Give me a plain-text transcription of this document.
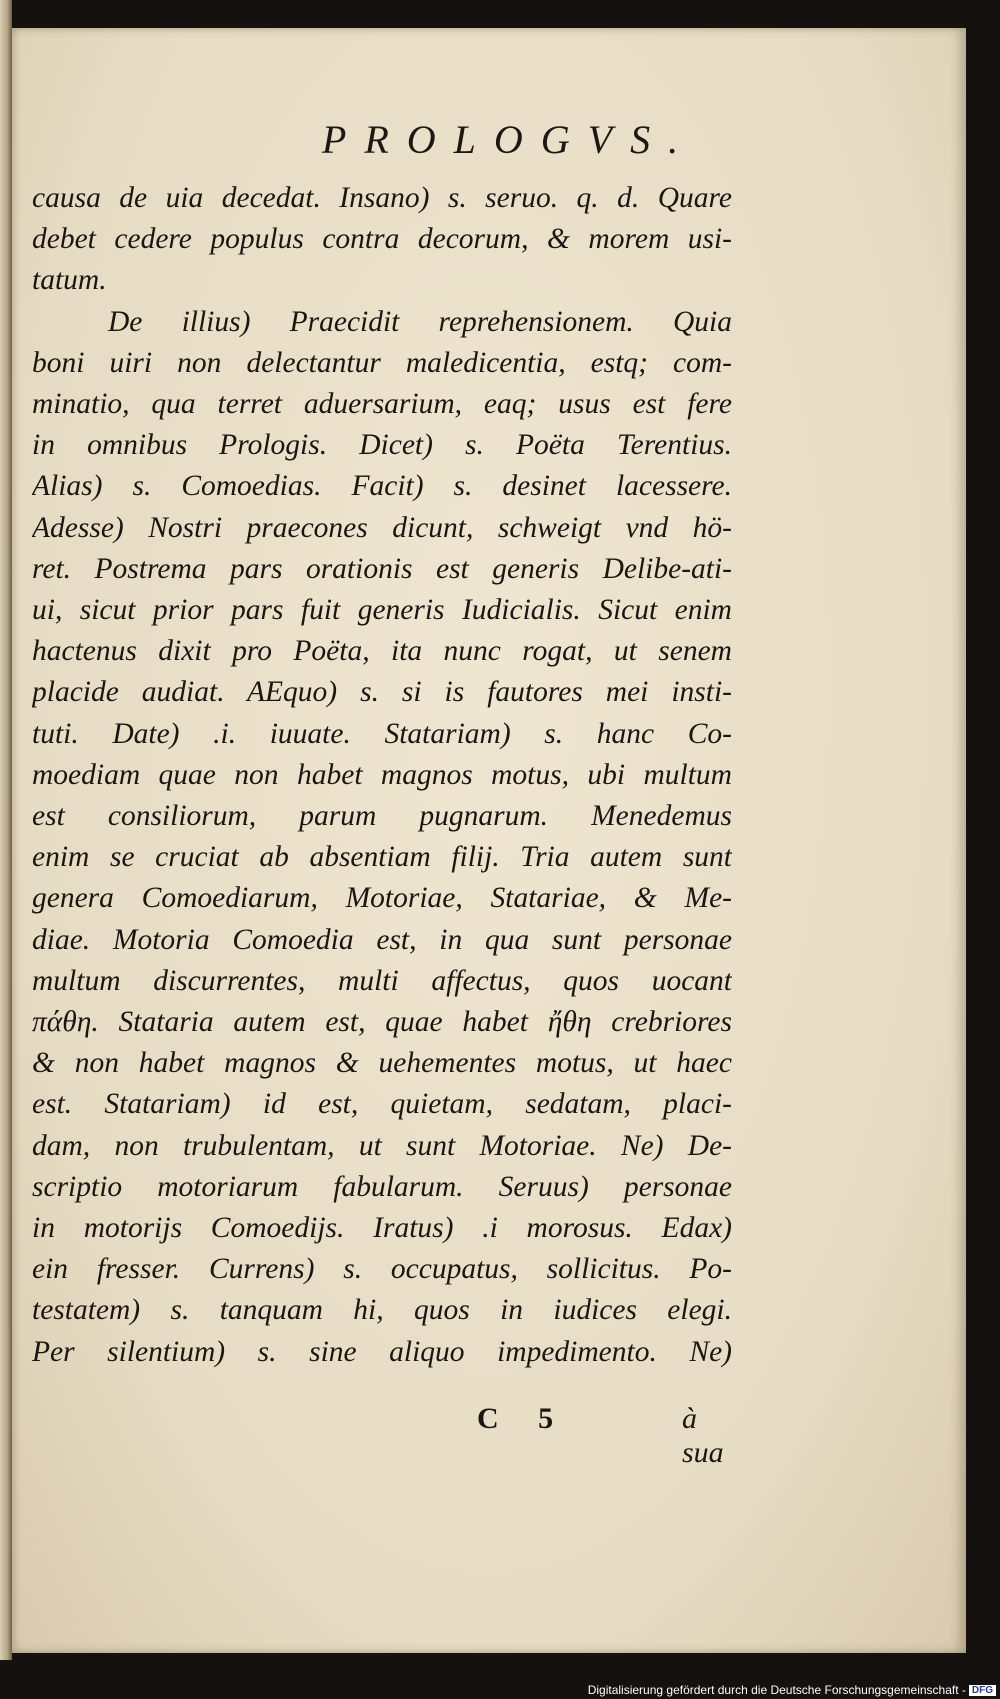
PROLOGVS.
causa de uia decedat. Insano) s. seruo. q. d. Quare
debet cedere populus contra decorum, & morem usi-
tatum.
De illius) Praecidit reprehensionem. Quia
boni uiri non delectantur maledicentia, estq; com-
minatio, qua terret aduersarium, eaq; usus est fere
in omnibus Prologis. Dicet) s. Poëta Terentius.
Alias) s. Comoedias. Facit) s. desinet lacessere.
Adesse) Nostri praecones dicunt, schweigt vnd hö-
ret. Postrema pars orationis est generis Delibe-ati-
ui, sicut prior pars fuit generis Iudicialis. Sicut enim
hactenus dixit pro Poëta, ita nunc rogat, ut senem
placide audiat. AEquo) s. si is fautores mei insti-
tuti. Date) .i. iuuate. Statariam) s. hanc Co-
moediam quae non habet magnos motus, ubi multum
est consiliorum, parum pugnarum. Menedemus
enim se cruciat ab absentiam filij. Tria autem sunt
genera Comoediarum, Motoriae, Statariae, & Me-
diae. Motoria Comoedia est, in qua sunt personae
multum discurrentes, multi affectus, quos uocant
πάθη. Stataria autem est, quae habet ἤθη crebriores
& non habet magnos & uehementes motus, ut haec
est. Statariam) id est, quietam, sedatam, placi-
dam, non trubulentam, ut sunt Motoriae. Ne) De-
scriptio motoriarum fabularum. Seruus) personae
in motorijs Comoedijs. Iratus) .i morosus. Edax)
ein fresser. Currens) s. occupatus, sollicitus. Po-
testatem) s. tanquam hi, quos in iudices elegi.
Per silentium) s. sine aliquo impedimento. Ne)
C 5	à sua
Digitalisierung gefördert durch die Deutsche Forschungsgemeinschaft - DFG
